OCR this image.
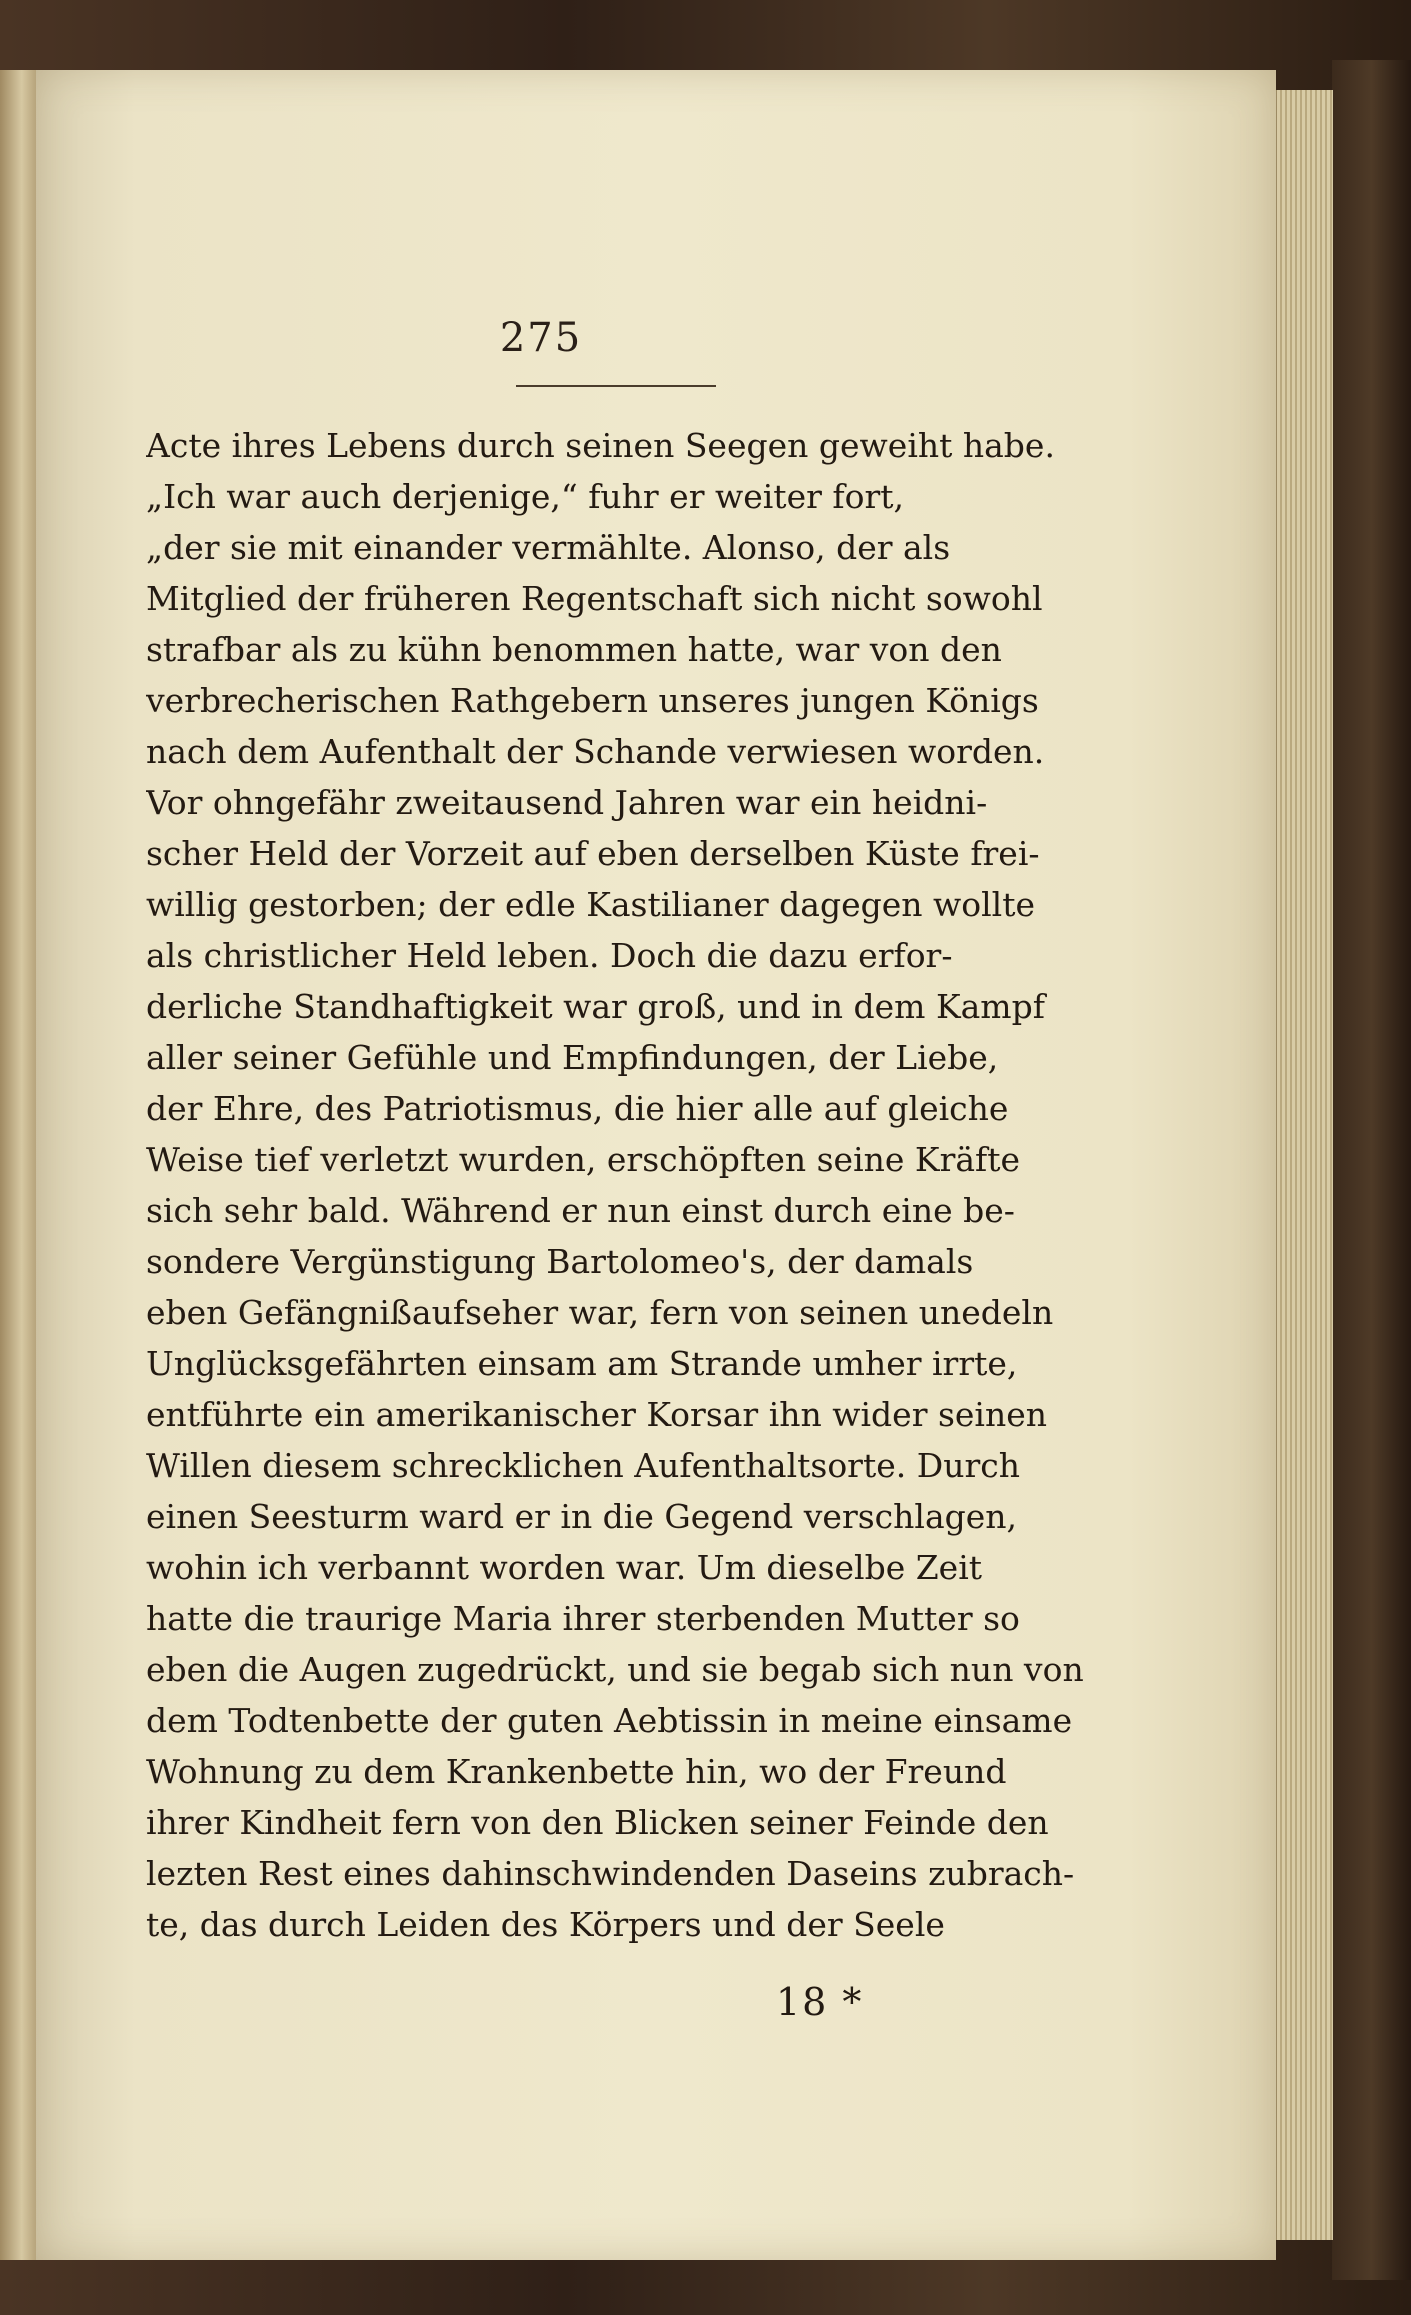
275
Acte ihres Lebens durch seinen Seegen geweiht habe.
„Ich war auch derjenige,“ fuhr er weiter fort,
„der sie mit einander vermählte. Alonso, der als
Mitglied der früheren Regentschaft sich nicht sowohl
strafbar als zu kühn benommen hatte, war von den
verbrecherischen Rathgebern unseres jungen Königs
nach dem Aufenthalt der Schande verwiesen worden.
Vor ohngefähr zweitausend Jahren war ein heidni-
scher Held der Vorzeit auf eben derselben Küste frei-
willig gestorben; der edle Kastilianer dagegen wollte
als christlicher Held leben. Doch die dazu erfor-
derliche Standhaftigkeit war groß, und in dem Kampf
aller seiner Gefühle und Empfindungen, der Liebe,
der Ehre, des Patriotismus, die hier alle auf gleiche
Weise tief verletzt wurden, erschöpften seine Kräfte
sich sehr bald. Während er nun einst durch eine be-
sondere Vergünstigung Bartolomeo's, der damals
eben Gefängnißaufseher war, fern von seinen unedeln
Unglücksgefährten einsam am Strande umher irrte,
entführte ein amerikanischer Korsar ihn wider seinen
Willen diesem schrecklichen Aufenthaltsorte. Durch
einen Seesturm ward er in die Gegend verschlagen,
wohin ich verbannt worden war. Um dieselbe Zeit
hatte die traurige Maria ihrer sterbenden Mutter so
eben die Augen zugedrückt, und sie begab sich nun von
dem Todtenbette der guten Aebtissin in meine einsame
Wohnung zu dem Krankenbette hin, wo der Freund
ihrer Kindheit fern von den Blicken seiner Feinde den
lezten Rest eines dahinschwindenden Daseins zubrach-
te, das durch Leiden des Körpers und der Seele
18 *
